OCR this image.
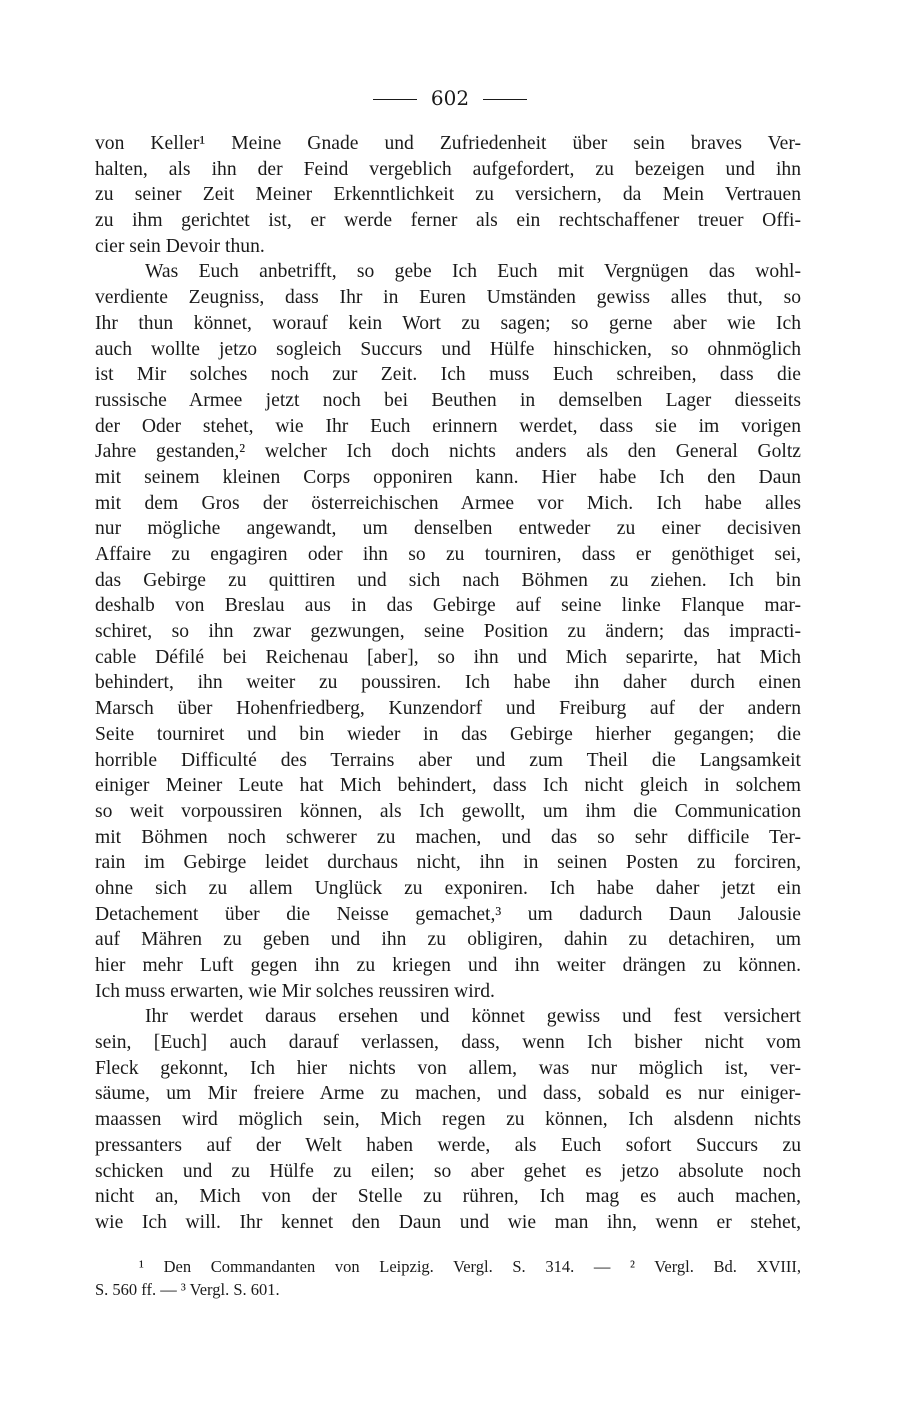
602
von Keller¹ Meine Gnade und Zufriedenheit über sein braves Ver-
halten, als ihn der Feind vergeblich aufgefordert, zu bezeigen und ihn
zu seiner Zeit Meiner Erkenntlichkeit zu versichern, da Mein Vertrauen
zu ihm gerichtet ist, er werde ferner als ein rechtschaffener treuer Offi-
cier sein Devoir thun.
Was Euch anbetrifft, so gebe Ich Euch mit Vergnügen das wohl-
verdiente Zeugniss, dass Ihr in Euren Umständen gewiss alles thut, so
Ihr thun könnet, worauf kein Wort zu sagen; so gerne aber wie Ich
auch wollte jetzo sogleich Succurs und Hülfe hinschicken, so ohnmöglich
ist Mir solches noch zur Zeit. Ich muss Euch schreiben, dass die
russische Armee jetzt noch bei Beuthen in demselben Lager diesseits
der Oder stehet, wie Ihr Euch erinnern werdet, dass sie im vorigen
Jahre gestanden,² welcher Ich doch nichts anders als den General Goltz
mit seinem kleinen Corps opponiren kann. Hier habe Ich den Daun
mit dem Gros der österreichischen Armee vor Mich. Ich habe alles
nur mögliche angewandt, um denselben entweder zu einer decisiven
Affaire zu engagiren oder ihn so zu tourniren, dass er genöthiget sei,
das Gebirge zu quittiren und sich nach Böhmen zu ziehen. Ich bin
deshalb von Breslau aus in das Gebirge auf seine linke Flanque mar-
schiret, so ihn zwar gezwungen, seine Position zu ändern; das impracti-
cable Défilé bei Reichenau [aber], so ihn und Mich separirte, hat Mich
behindert, ihn weiter zu poussiren. Ich habe ihn daher durch einen
Marsch über Hohenfriedberg, Kunzendorf und Freiburg auf der andern
Seite tourniret und bin wieder in das Gebirge hierher gegangen; die
horrible Difficulté des Terrains aber und zum Theil die Langsamkeit
einiger Meiner Leute hat Mich behindert, dass Ich nicht gleich in solchem
so weit vorpoussiren können, als Ich gewollt, um ihm die Communication
mit Böhmen noch schwerer zu machen, und das so sehr difficile Ter-
rain im Gebirge leidet durchaus nicht, ihn in seinen Posten zu forciren,
ohne sich zu allem Unglück zu exponiren. Ich habe daher jetzt ein
Detachement über die Neisse gemachet,³ um dadurch Daun Jalousie
auf Mähren zu geben und ihn zu obligiren, dahin zu detachiren, um
hier mehr Luft gegen ihn zu kriegen und ihn weiter drängen zu können.
Ich muss erwarten, wie Mir solches reussiren wird.
Ihr werdet daraus ersehen und könnet gewiss und fest versichert
sein, [Euch] auch darauf verlassen, dass, wenn Ich bisher nicht vom
Fleck gekonnt, Ich hier nichts von allem, was nur möglich ist, ver-
säume, um Mir freiere Arme zu machen, und dass, sobald es nur einiger-
maassen wird möglich sein, Mich regen zu können, Ich alsdenn nichts
pressanters auf der Welt haben werde, als Euch sofort Succurs zu
schicken und zu Hülfe zu eilen; so aber gehet es jetzo absolute noch
nicht an, Mich von der Stelle zu rühren, Ich mag es auch machen,
wie Ich will. Ihr kennet den Daun und wie man ihn, wenn er stehet,
¹ Den Commandanten von Leipzig. Vergl. S. 314. — ² Vergl. Bd. XVIII,
S. 560 ff. — ³ Vergl. S. 601.
